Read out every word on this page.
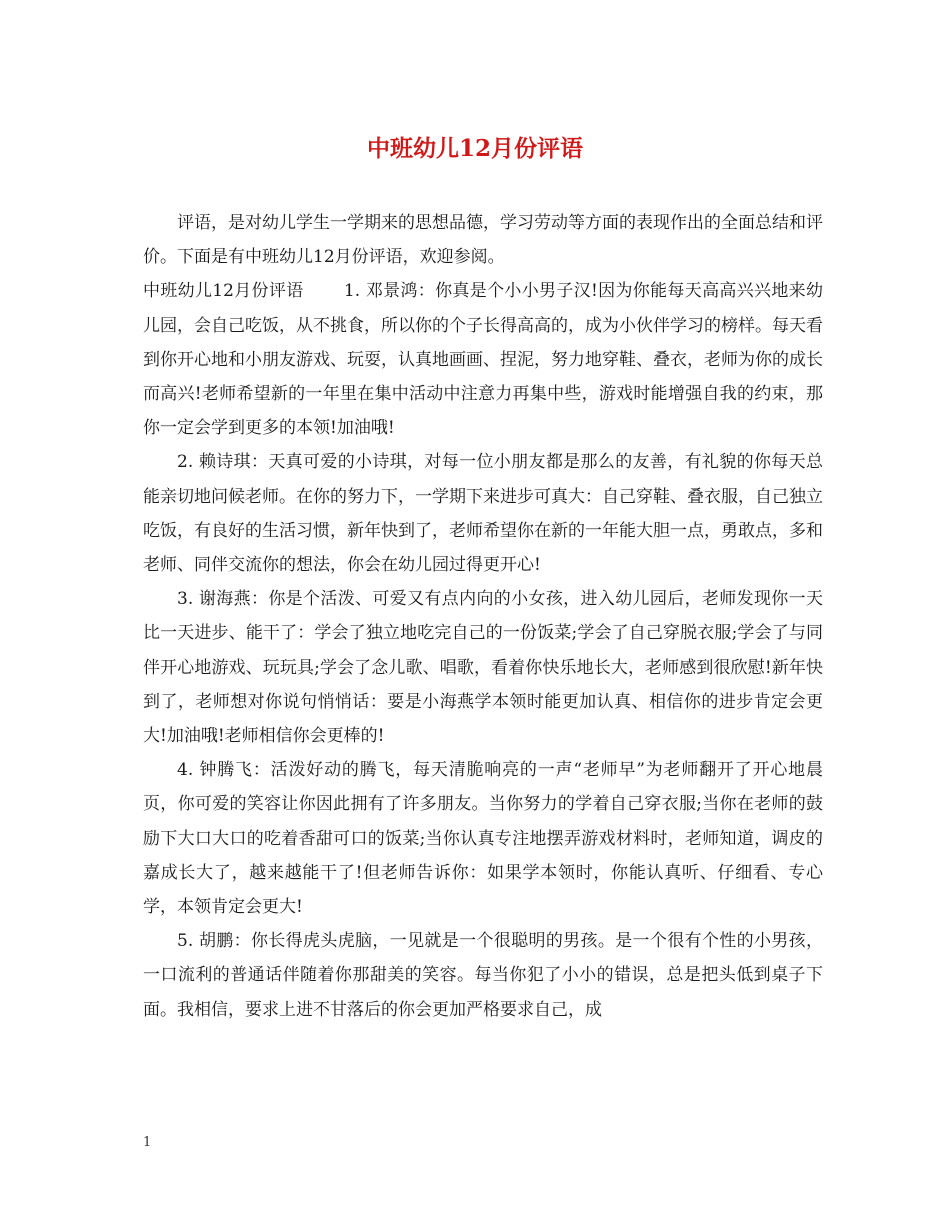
中班幼儿12月份评语

评语，是对幼儿学生一学期来的思想品德，学习劳动等方面的表现作出的全面总结和评价。下面是有中班幼儿12月份评语，欢迎参阅。

中班幼儿12月份评语　　 1. 邓景鸿：你真是个小小男子汉!因为你能每天高高兴兴地来幼儿园，会自己吃饭，从不挑食，所以你的个子长得高高的，成为小伙伴学习的榜样。每天看到你开心地和小朋友游戏、玩耍，认真地画画、捏泥，努力地穿鞋、叠衣，老师为你的成长而高兴!老师希望新的一年里在集中活动中注意力再集中些，游戏时能增强自我的约束，那你一定会学到更多的本领!加油哦!

2. 赖诗琪：天真可爱的小诗琪，对每一位小朋友都是那么的友善，有礼貌的你每天总能亲切地问候老师。在你的努力下，一学期下来进步可真大：自己穿鞋、叠衣服，自己独立吃饭，有良好的生活习惯，新年快到了，老师希望你在新的一年能大胆一点，勇敢点，多和老师、同伴交流你的想法，你会在幼儿园过得更开心!

3. 谢海燕：你是个活泼、可爱又有点内向的小女孩，进入幼儿园后，老师发现你一天比一天进步、能干了：学会了独立地吃完自己的一份饭菜;学会了自己穿脱衣服;学会了与同伴开心地游戏、玩玩具;学会了念儿歌、唱歌，看着你快乐地长大，老师感到很欣慰!新年快到了，老师想对你说句悄悄话：要是小海燕学本领时能更加认真、相信你的进步肯定会更大!加油哦!老师相信你会更棒的!

4. 钟腾飞：活泼好动的腾飞，每天清脆响亮的一声“老师早”为老师翻开了开心地晨页，你可爱的笑容让你因此拥有了许多朋友。当你努力的学着自己穿衣服;当你在老师的鼓励下大口大口的吃着香甜可口的饭菜;当你认真专注地摆弄游戏材料时，老师知道，调皮的嘉成长大了，越来越能干了!但老师告诉你：如果学本领时，你能认真听、仔细看、专心学，本领肯定会更大!

5. 胡鹏：你长得虎头虎脑，一见就是一个很聪明的男孩。是一个很有个性的小男孩，一口流利的普通话伴随着你那甜美的笑容。每当你犯了小小的错误，总是把头低到桌子下面。我相信，要求上进不甘落后的你会更加严格要求自己，成

1
